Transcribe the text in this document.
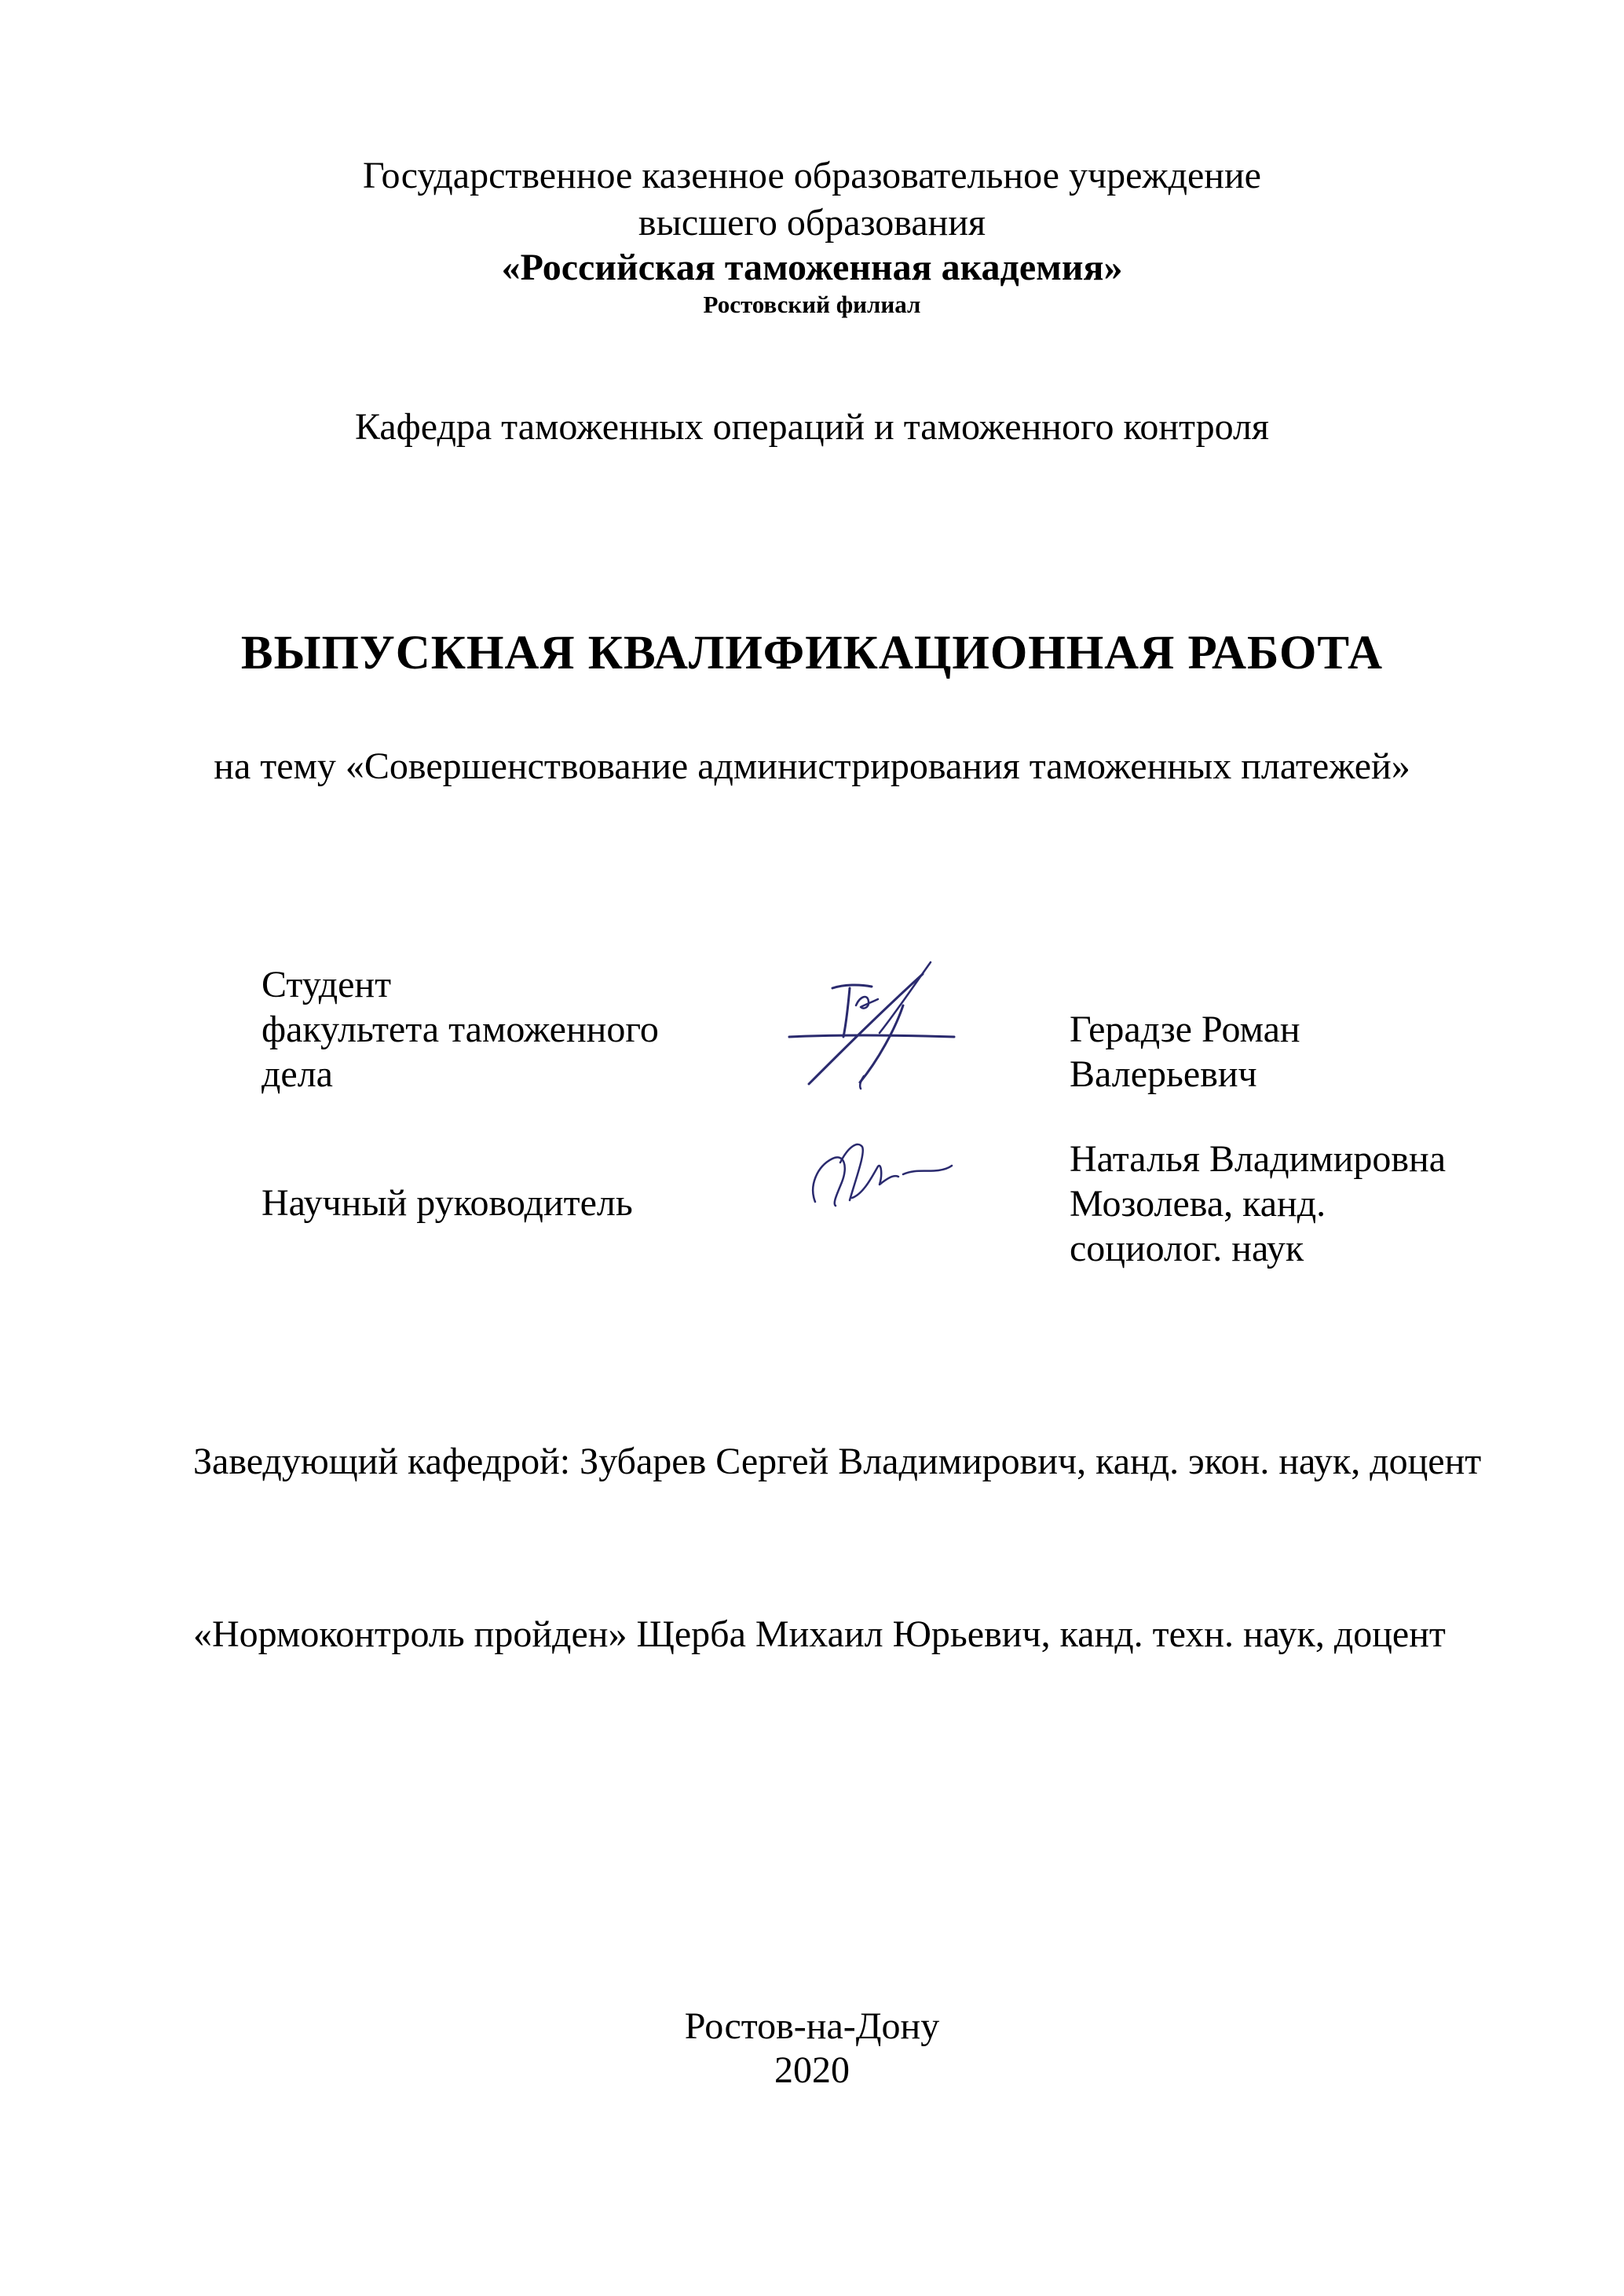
Государственное казенное образовательное учреждение
высшего образования
«Российская таможенная академия»
Ростовский филиал
Кафедра таможенных операций и таможенного контроля
ВЫПУСКНАЯ КВАЛИФИКАЦИОННАЯ РАБОТА
на тему «Совершенствование администрирования таможенных платежей»
Студент
факультета таможенного
дела
Герадзе Роман
Валерьевич
Научный руководитель
Наталья Владимировна
Мозолева, канд.
социолог. наук
Заведующий кафедрой: Зубарев Сергей Владимирович, канд. экон. наук, доцент
«Нормоконтроль пройден» Щерба Михаил Юрьевич, канд. техн. наук, доцент
Ростов-на-Дону
2020
